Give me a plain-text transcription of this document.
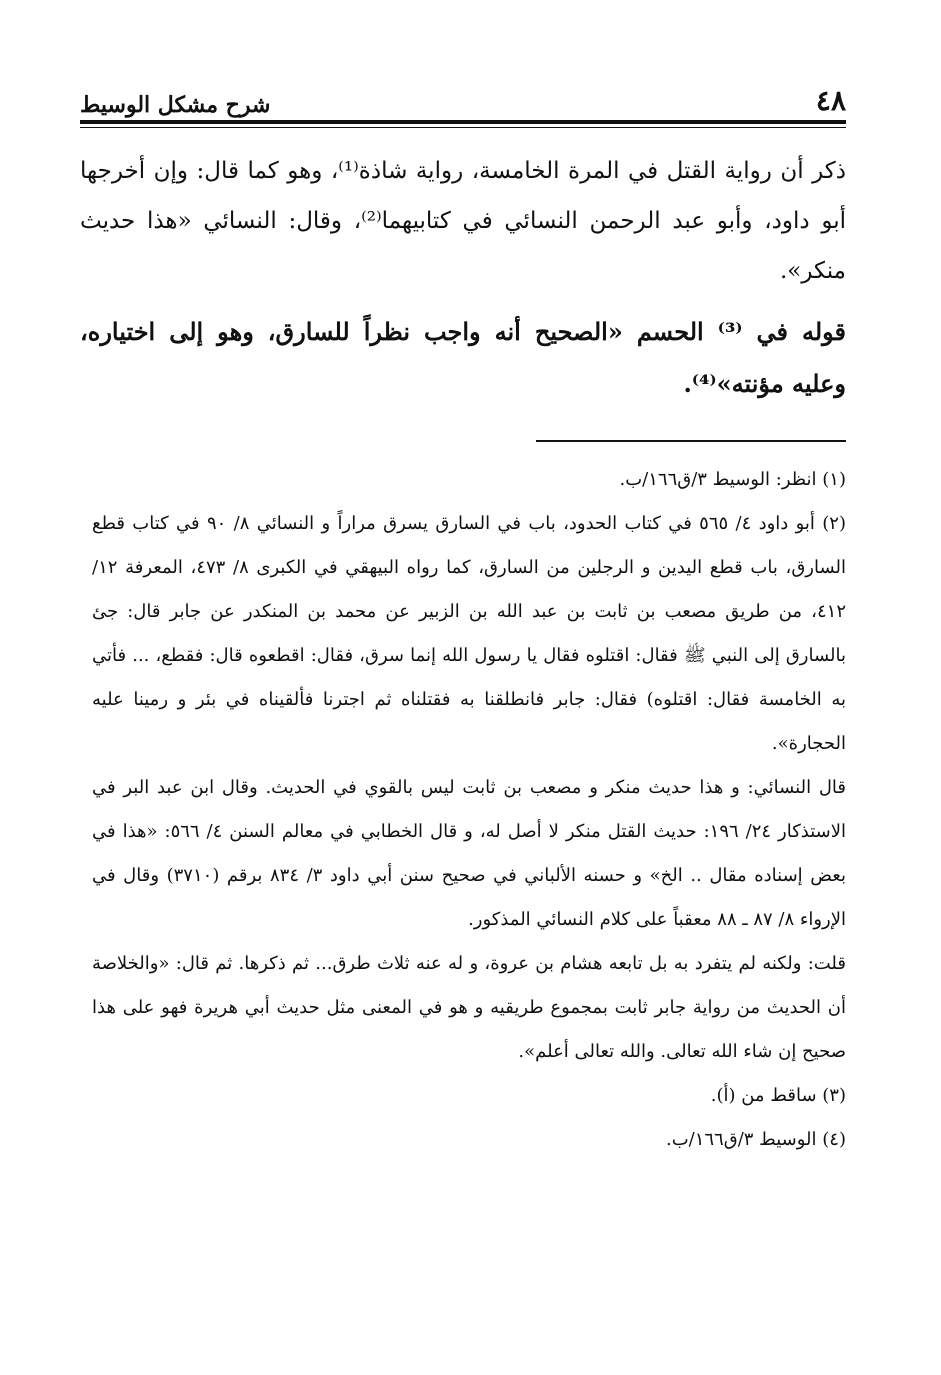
٤٨
شرح مشكل الوسيط

ذكر أن رواية القتل في المرة الخامسة، رواية شاذة⁽¹⁾، وهو كما قال: وإن أخرجها أبو داود، وأبو عبد الرحمن النسائي في كتابيهما⁽²⁾، وقال: النسائي «هذا حديث منكر».

قوله في ⁽³⁾ الحسم «الصحيح أنه واجب نظراً للسارق، وهو إلى اختياره، وعليه مؤنته»⁽⁴⁾.

(١) انظر: الوسيط ٣/ق١٦٦/ب.

(٢) أبو داود ٤/ ٥٦٥ في كتاب الحدود، باب في السارق يسرق مراراً و النسائي ٨/ ٩٠ في كتاب قطع السارق، باب قطع اليدين و الرجلين من السارق، كما رواه البيهقي في الكبرى ٨/ ٤٧٣، المعرفة ١٢/ ٤١٢، من طريق مصعب بن ثابت بن عبد الله بن الزبير عن محمد بن المنكدر عن جابر قال: جئ بالسارق إلى النبي ﷺ فقال: اقتلوه فقال يا رسول الله إنما سرق، فقال: اقطعوه قال: فقطع، ... فأتي به الخامسة فقال: اقتلوه) فقال: جابر فانطلقنا به فقتلناه ثم اجترنا فألقيناه في بئر و رمينا عليه الحجارة».

قال النسائي: و هذا حديث منكر و مصعب بن ثابت ليس بالقوي في الحديث. وقال ابن عبد البر في الاستذكار ٢٤/ ١٩٦: حديث القتل منكر لا أصل له، و قال الخطابي في معالم السنن ٤/ ٥٦٦: «هذا في بعض إسناده مقال .. الخ» و حسنه الألباني في صحيح سنن أبي داود ٣/ ٨٣٤ برقم (٣٧١٠) وقال في الإرواء ٨/ ٨٧ ـ ٨٨ معقباً على كلام النسائي المذكور.

قلت: ولكنه لم يتفرد به بل تابعه هشام بن عروة، و له عنه ثلاث طرق... ثم ذكرها. ثم قال: «والخلاصة أن الحديث من رواية جابر ثابت بمجموع طريقيه و هو في المعنى مثل حديث أبي هريرة فهو على هذا صحيح إن شاء الله تعالى. والله تعالى أعلم».

(٣) ساقط من (أ).

(٤) الوسيط ٣/ق١٦٦/ب.
